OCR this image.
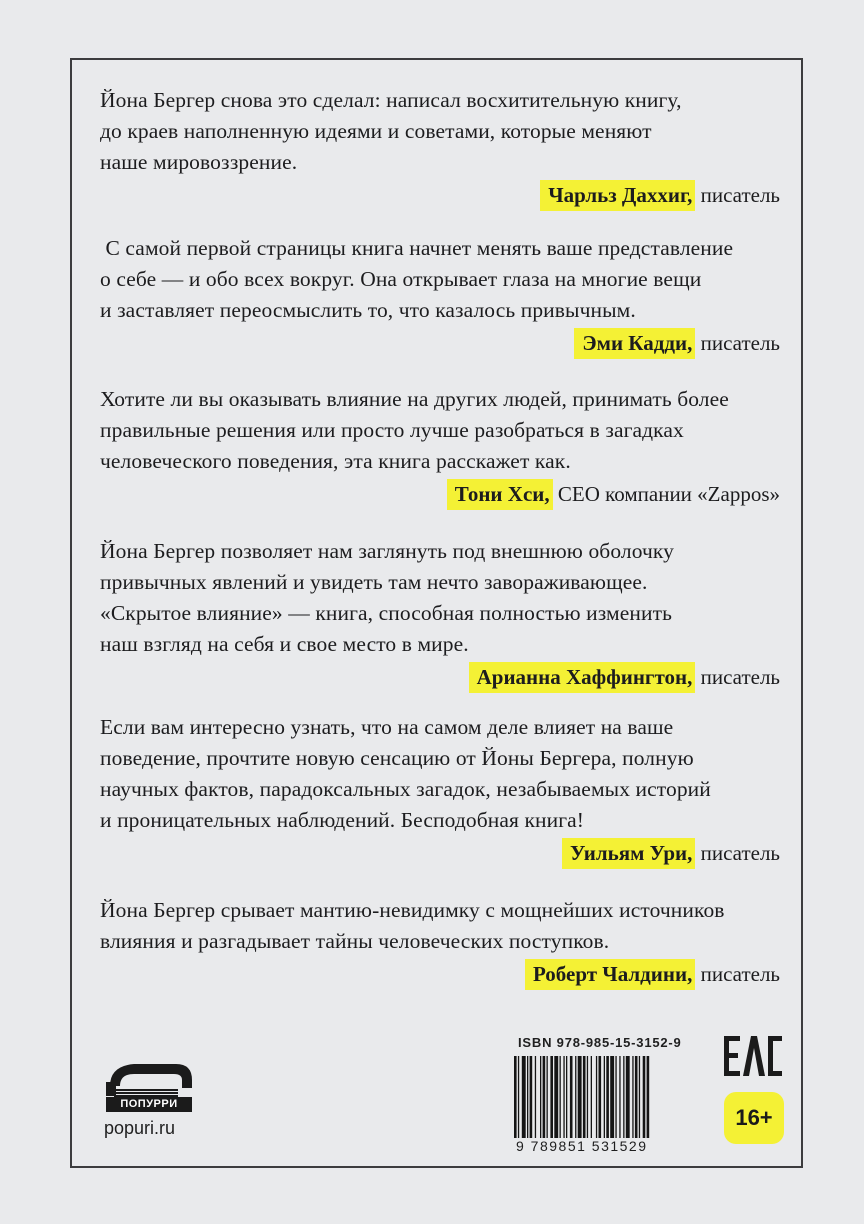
Йона Бергер снова это сделал: написал восхитительную книгу,

до краев наполненную идеями и советами, которые меняют

наше мировоззрение.

Чарльз Даххиг, писатель

С самой первой страницы книга начнет менять ваше представление

о себе — и обо всех вокруг. Она открывает глаза на многие вещи

и заставляет переосмыслить то, что казалось привычным.

Эми Кадди, писатель

Хотите ли вы оказывать влияние на других людей, принимать более

правильные решения или просто лучше разобраться в загадках

человеческого поведения, эта книга расскажет как.

Тони Хси, CEO компании «Zappos»

Йона Бергер позволяет нам заглянуть под внешнюю оболочку

привычных явлений и увидеть там нечто завораживающее.

«Скрытое влияние» — книга, способная полностью изменить

наш взгляд на себя и свое место в мире.

Арианна Хаффингтон, писатель

Если вам интересно узнать, что на самом деле влияет на ваше

поведение, прочтите новую сенсацию от Йоны Бергера, полную

научных фактов, парадоксальных загадок, незабываемых историй

и проницательных наблюдений. Бесподобная книга!

Уильям Ури, писатель

Йона Бергер срывает мантию-невидимку с мощнейших источников

влияния и разгадывает тайны человеческих поступков.

Роберт Чалдини, писатель
ПОПУРРИ
popuri.ru
ISBN 978-985-15-3152-9
9 789851 531529
16+
